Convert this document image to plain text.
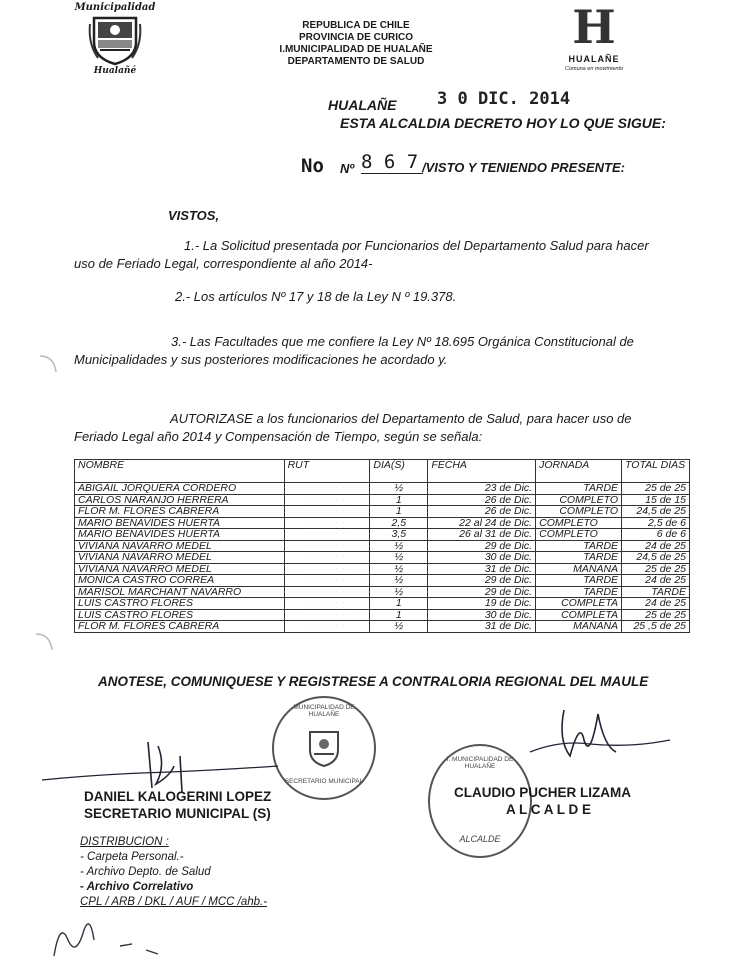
Municipalidad
Hualañé
REPUBLICA DE CHILE
PROVINCIA DE CURICO
I.MUNICIPALIDAD DE HUALAÑE
DEPARTAMENTO DE SALUD
H
HUALAÑE
Comuna en movimiento
HUALAÑE 3 0 DIC. 2014
ESTA ALCALDIA DECRETO HOY LO QUE SIGUE:
No Nº 8 6 7 /VISTO Y TENIENDO PRESENTE:
VISTOS,
1.- La Solicitud presentada por Funcionarios del Departamento Salud para hacer
uso de Feriado Legal, correspondiente al año 2014-
2.- Los artículos Nº 17 y 18 de la Ley N º 19.378.
3.- Las Facultades que me confiere la Ley Nº 18.695 Orgánica Constitucional de
Municipalidades y sus posteriores modificaciones he acordado y.
AUTORIZASE a los funcionarios del Departamento de Salud, para hacer uso de
Feriado Legal año 2014 y Compensación de Tiempo, según se señala:
NOMBRE	RUT	DIA(S)	FECHA	JORNADA	TOTAL DIAS
ABIGAIL JORQUERA CORDERO	· · · · · ·	½	23 de Dic.	TARDE	25 de 25
CARLOS NARANJO HERRERA	· · · · · ·	1	26 de Dic.	COMPLETO	15 de 15
FLOR M. FLORES CABRERA	· · · · · ·	1	26 de Dic.	COMPLETO	24,5 de 25
MARIO BENAVIDES HUERTA	· · · · · ·	2,5	22 al 24 de Dic.	COMPLETO	2,5 de 6
MARIO BENAVIDES HUERTA	· · · · · ·	3,5	26 al 31 de Dic.	COMPLETO	6 de 6
VIVIANA NAVARRO MEDEL	· · · · · ·	½	29 de Dic.	TARDE	24 de 25
VIVIANA NAVARRO MEDEL	· · · · · ·	½	30 de Dic.	TARDE	24,5 de 25
VIVIANA NAVARRO MEDEL	· · · · · ·	½	31 de Dic.	MAÑANA	25 de 25
MONICA CASTRO CORREA	· · · · · ·	½	29 de Dic.	TARDE	24 de 25
MARISOL MARCHANT NAVARRO	· · · · · ·	½	29 de Dic.	TARDE	TARDE
LUIS CASTRO FLORES	· · · · · ·	1	19 de Dic.	COMPLETA	24 de 25
LUIS CASTRO FLORES	· · · · · ·	1	30 de Dic.	COMPLETA	25 de 25
FLOR M. FLORES CABRERA	· · · · · ·	½	31 de Dic.	MAÑANA	25 ,5 de 25
ANOTESE, COMUNIQUESE Y REGISTRESE A CONTRALORIA REGIONAL DEL MAULE
MUNICIPALIDAD DE HUALAÑE
SECRETARIO MUNICIPAL
I. MUNICIPALIDAD DE HUALAÑE
ALCALDE
DANIEL KALOGERINI LOPEZ
SECRETARIO MUNICIPAL (S)
CLAUDIO PUCHER LIZAMA
A L C A L D E
DISTRIBUCION :
- Carpeta Personal.-
- Archivo Depto. de Salud
- Archivo Correlativo
CPL / ARB / DKL / AUF / MCC /ahb.-
